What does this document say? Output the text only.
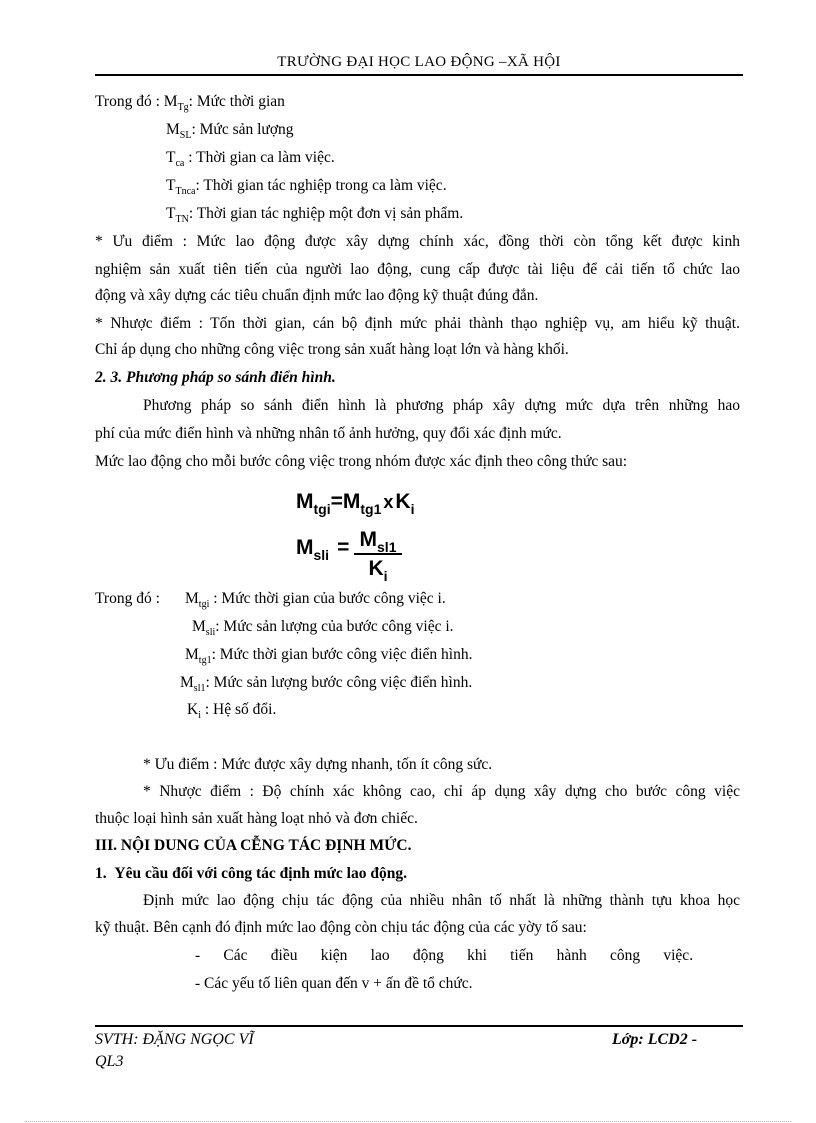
TRƯỜNG ĐẠI HỌC LAO ĐỘNG –XÃ HỘI
Trong đó : $M_{Tg}$: Mức thời gian
$M_{SL}$: Mức sản lượng
$T_{ca}$ : Thời gian ca làm việc.
$T_{Tnca}$: Thời gian tác nghiệp trong ca làm việc.
$T_{TN}$: Thời gian tác nghiệp một đơn vị sản phẩm.
* Ưu điểm : Mức lao động được xây dựng chính xác, đồng thời còn tổng kết được kinh
nghiệm sản xuất tiên tiến của người lao động, cung cấp được tài liệu để cải tiến tổ chức lao
động và xây dựng các tiêu chuẩn định mức lao động kỹ thuật đúng đắn.
* Nhược điểm : Tốn thời gian, cán bộ định mức phải thành thạo nghiệp vụ, am hiểu kỹ thuật.
Chỉ áp dụng cho những công việc trong sản xuất hàng loạt lớn và hàng khối.
2. 3. Phương pháp so sánh điển hình.
Phương pháp so sánh điển hình là phương pháp xây dựng mức dựa trên những hao
phí của mức điển hình và những nhân tố ảnh hưởng, quy đổi xác định mức.
Mức lao động cho mỗi bước công việc trong nhóm được xác định theo công thức sau:
$M_{tgi}=M_{tg1}$ $xK_i$
$M_{sli} = M_{sl1}$
$K_i$
Trong đó : $M_{tgi}$ : Mức thời gian của bước công việc i.
$M_{sli}$: Mức sản lượng của bước công việc i.
$M_{tg1}$: Mức thời gian bước công việc điển hình.
$M_{sl1}$: Mức sản lượng bước công việc điển hình.
$K_i$ : Hệ số đổi.
* Ưu điểm : Mức được xây dựng nhanh, tốn ít công sức.
* Nhược điểm : Độ chính xác không cao, chỉ áp dụng xây dựng cho bước công việc
thuộc loại hình sản xuất hàng loạt nhỏ và đơn chiếc.
III. NỘI DUNG CỦA CỄNG TÁC ĐỊNH MỨC.
1. Yêu cầu đối với công tác định mức lao động.
Định mức lao động chịu tác động của nhiều nhân tố nhất là những thành tựu khoa học
kỹ thuật. Bên cạnh đó định mức lao động còn chịu tác động của các yờy tố sau:
-      Các      điều      kiện      lao      động      khi      tiến      hành      công      việc.
- Các yếu tố liên quan đến v + ấn đề tổ chức.
SVTH: ĐẶNG NGỌC VĨ
QL3
Lớp: LCD2 -
